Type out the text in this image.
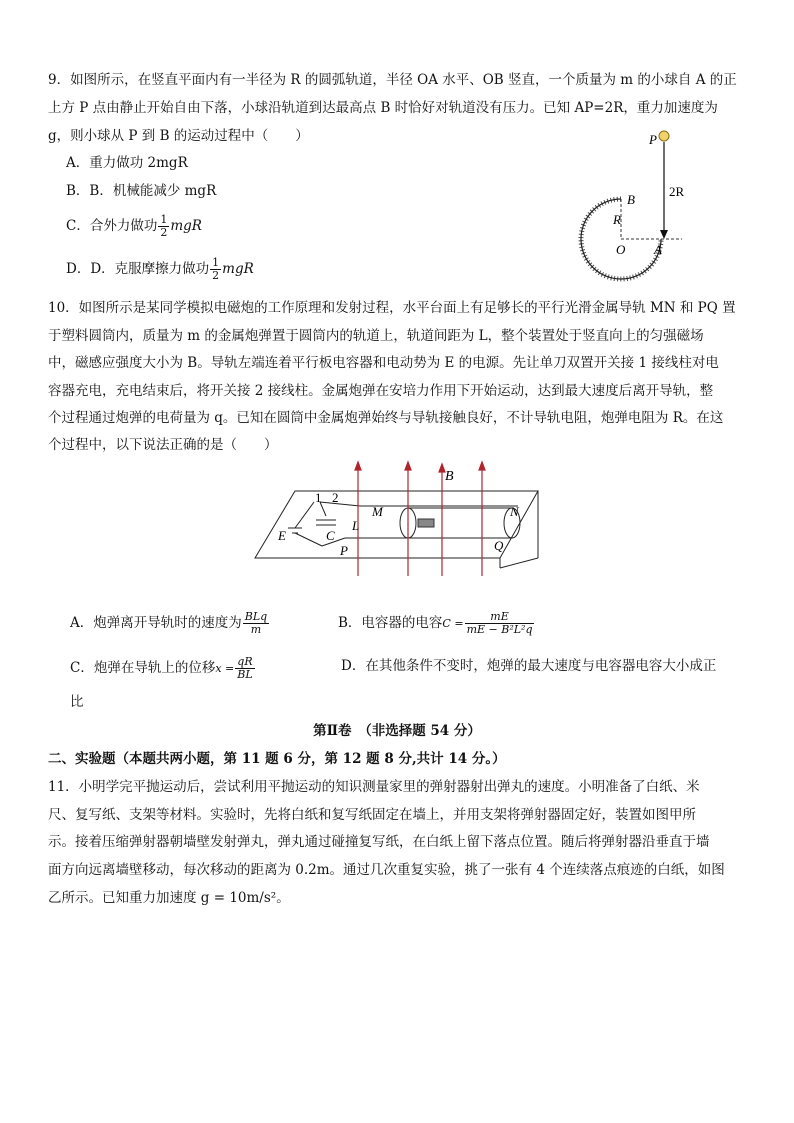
9．如图所示，在竖直平面内有一半径为 R 的圆弧轨道，半径 OA 水平、OB 竖直，一个质量为 m 的小球自 A 的正
上方 P 点由静止开始自由下落，小球沿轨道到达最高点 B 时恰好对轨道没有压力。已知 AP=2R，重力加速度为
g，则小球从 P 到 B 的运动过程中（　　）
A．重力做功 2mgR
B．B．机械能减少 mgR
C．合外力做功 $\frac{1}{2}$ mgR
D．D．克服摩擦力做功 $\frac{1}{2}$ mgR
P
2R
B
R
O A
10．如图所示是某同学模拟电磁炮的工作原理和发射过程，水平台面上有足够长的平行光滑金属导轨 MN 和 PQ 置
于塑料圆筒内，质量为 m 的金属炮弹置于圆筒内的轨道上，轨道间距为 L，整个装置处于竖直向上的匀强磁场
中，磁感应强度大小为 B。导轨左端连着平行板电容器和电动势为 E 的电源。先让单刀双置开关接 1 接线柱对电
容器充电，充电结束后，将开关接 2 接线柱。金属炮弹在安培力作用下开始运动，达到最大速度后离开导轨，整
个过程通过炮弹的电荷量为 q。已知在圆筒中金属炮弹始终与导轨接触良好，不计导轨电阻，炮弹电阻为 R。在这
个过程中，以下说法正确的是（　　）
B
1 2
M	N
L
E	C
P	Q
A．炮弹离开导轨时的速度为 $\frac{\text{BLq}}{m}$	B．电容器的电容$C = \frac{mE}{\text{mE − B²L²q}}$
C．炮弹在导轨上的位移$x = \frac{qR}{BL}$	D．在其他条件不变时，炮弹的最大速度与电容器电容大小成正
比
第Ⅱ卷　（非选择题 54 分）
二、实验题（本题共两小题，第 11 题 6 分，第 12 题 8 分,共计 14 分。）
11．小明学完平抛运动后，尝试利用平抛运动的知识测量家里的弹射器射出弹丸的速度。小明准备了白纸、米
尺、复写纸、支架等材料。实验时，先将白纸和复写纸固定在墙上，并用支架将弹射器固定好，装置如图甲所
示。接着压缩弹射器朝墙壁发射弹丸，弹丸通过碰撞复写纸，在白纸上留下落点位置。随后将弹射器沿垂直于墙
面方向远离墙壁移动，每次移动的距离为 0.2m。通过几次重复实验，挑了一张有 4 个连续落点痕迹的白纸，如图
乙所示。已知重力加速度 g = 10m/s²。
